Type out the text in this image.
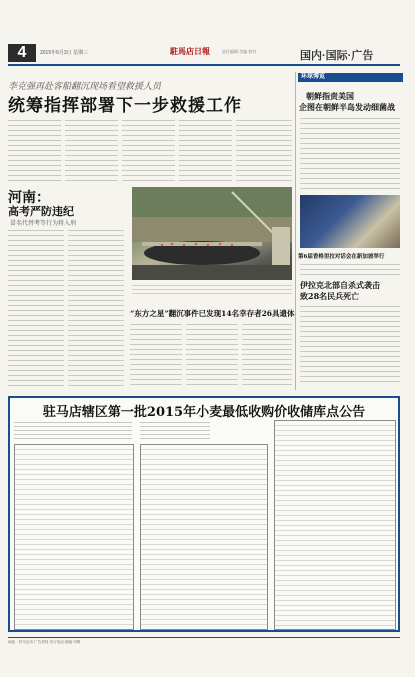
4	2015年6月3日 星期三	駐馬店日報	责任编辑 美编 校对	国内·国际·广告
李克强再赴客船翻沉现场看望救援人员
统筹指挥部署下一步救援工作
河南：
高考严防违纪
冒名代替考等行为将入刑
“东方之星”翻沉事件已发现14名幸存者26具遗体
环球博览
朝鲜指责美国
企图在朝鲜半岛发动细菌战
第6届香格里拉对话会在新加坡举行
伊拉克北部自杀式袭击
致28名民兵死亡
驻马店辖区第一批2015年小麦最低收购价收储库点公告
地址：驻马店市 广告热线 发行电话 邮编 印刷
